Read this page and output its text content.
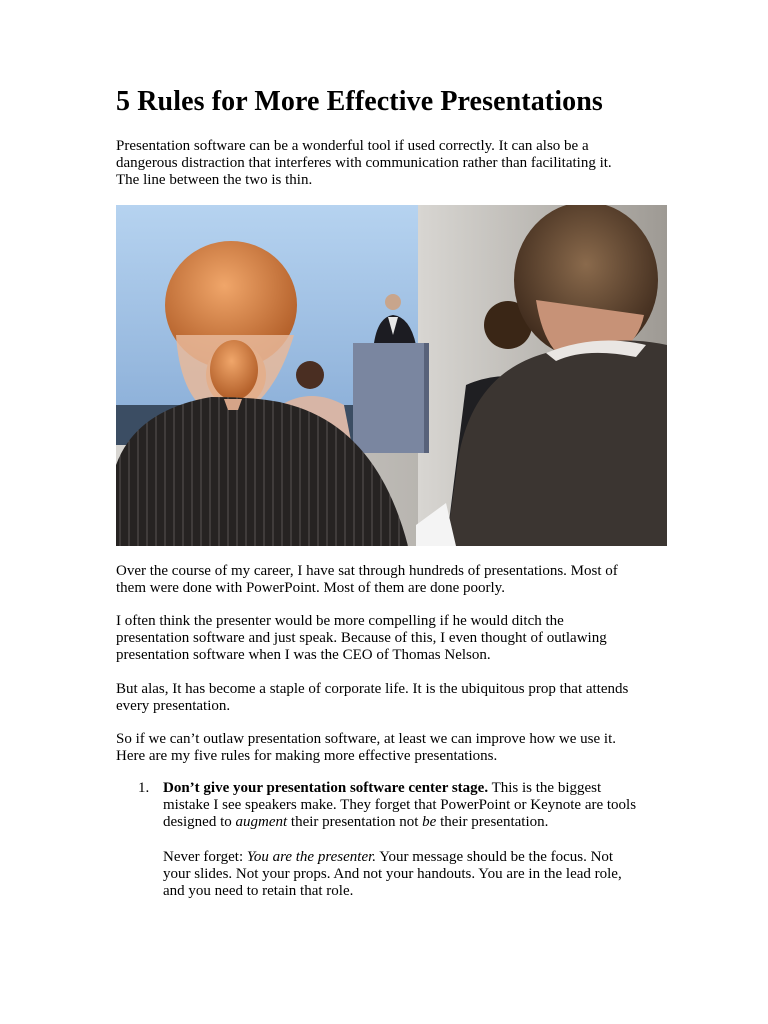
5 Rules for More Effective Presentations

Presentation software can be a wonderful tool if used correctly. It can also be a
dangerous distraction that interferes with communication rather than facilitating it.
The line between the two is thin.

Over the course of my career, I have sat through hundreds of presentations. Most of
them were done with PowerPoint. Most of them are done poorly.

I often think the presenter would be more compelling if he would ditch the
presentation software and just speak. Because of this, I even thought of outlawing
presentation software when I was the CEO of Thomas Nelson.

But alas, It has become a staple of corporate life. It is the ubiquitous prop that attends
every presentation.

So if we can’t outlaw presentation software, at least we can improve how we use it.
Here are my five rules for making more effective presentations.

1. Don’t give your presentation software center stage. This is the biggest
mistake I see speakers make. They forget that PowerPoint or Keynote are tools
designed to augment their presentation not be their presentation.

Never forget: You are the presenter. Your message should be the focus. Not
your slides. Not your props. And not your handouts. You are in the lead role,
and you need to retain that role.
